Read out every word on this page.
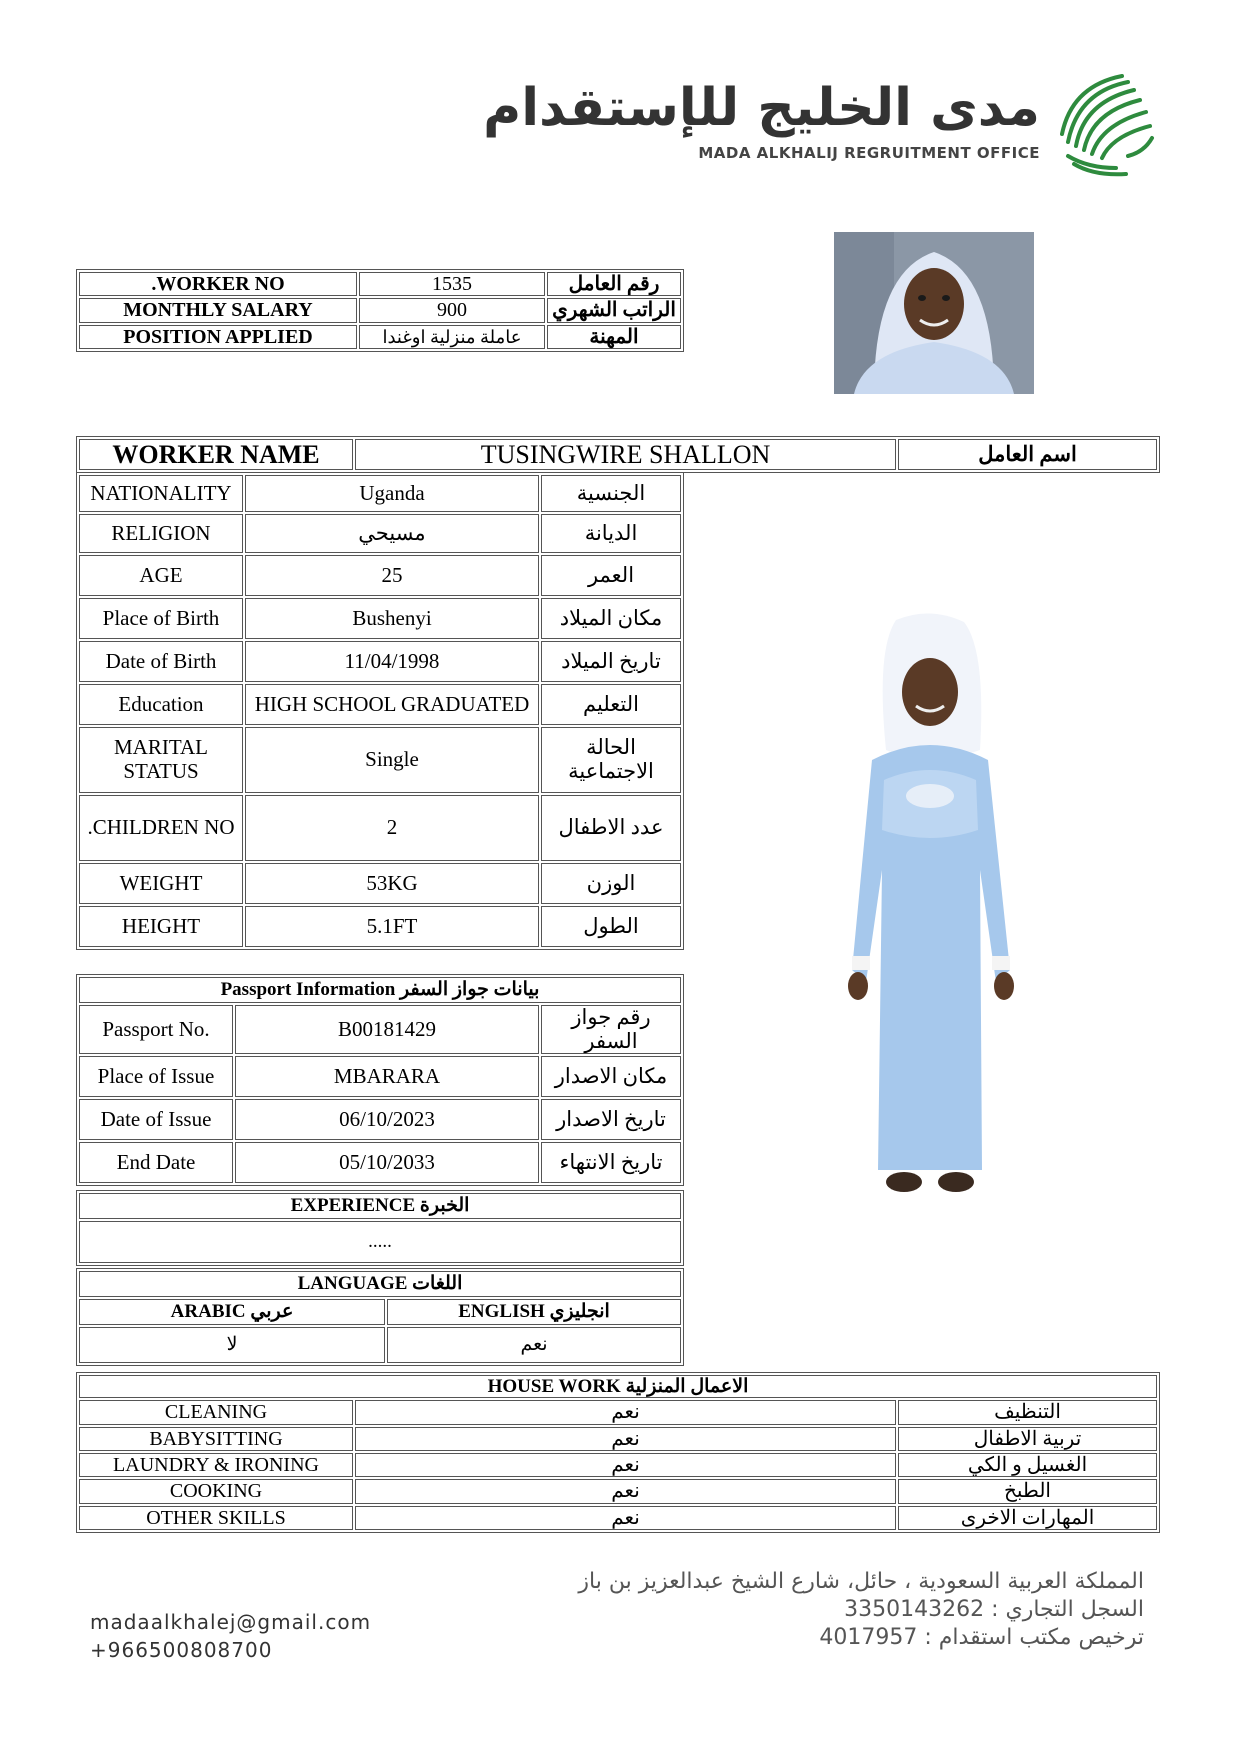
مدى الخليج للإستقدام
MADA ALKHALIJ REGRUITMENT OFFICE
.WORKER NO	1535	رقم العامل
MONTHLY SALARY	900	الراتب الشهري
POSITION APPLIED	عاملة منزلية اوغندا	المهنة
WORKER NAME	TUSINGWIRE SHALLON	اسم العامل
NATIONALITY	Uganda	الجنسية
RELIGION	مسيحي	الديانة
AGE	25	العمر
Place of Birth	Bushenyi	مكان الميلاد
Date of Birth	11/04/1998	تاريخ الميلاد
Education	HIGH SCHOOL GRADUATED	التعليم
MARITAL STATUS	Single	الحالة الاجتماعية
.CHILDREN NO	2	عدد الاطفال
WEIGHT	53KG	الوزن
HEIGHT	5.1FT	الطول
Passport Information بيانات جواز السفر		
Passport No.	B00181429	رقم جواز السفر
Place of Issue	MBARARA	مكان الاصدار
Date of Issue	06/10/2023	تاريخ الاصدار
End Date	05/10/2033	تاريخ الانتهاء
EXPERIENCE الخبرة
.....
LANGUAGE اللغات	
ARABIC عربي	ENGLISH انجليزي
لا	نعم
HOUSE WORK الاعمال المنزلية		
CLEANING	نعم	التنظيف
BABYSITTING	نعم	تربية الاطفال
LAUNDRY & IRONING	نعم	الغسيل و الكي
COOKING	نعم	الطبخ
OTHER SKILLS	نعم	المهارات الاخرى
madaalkhalej@gmail.com
+966500808700
المملكة العربية السعودية ، حائل، شارع الشيخ عبدالعزيز بن باز
السجل التجاري : 3350143262
ترخيص مكتب استقدام : 4017957
